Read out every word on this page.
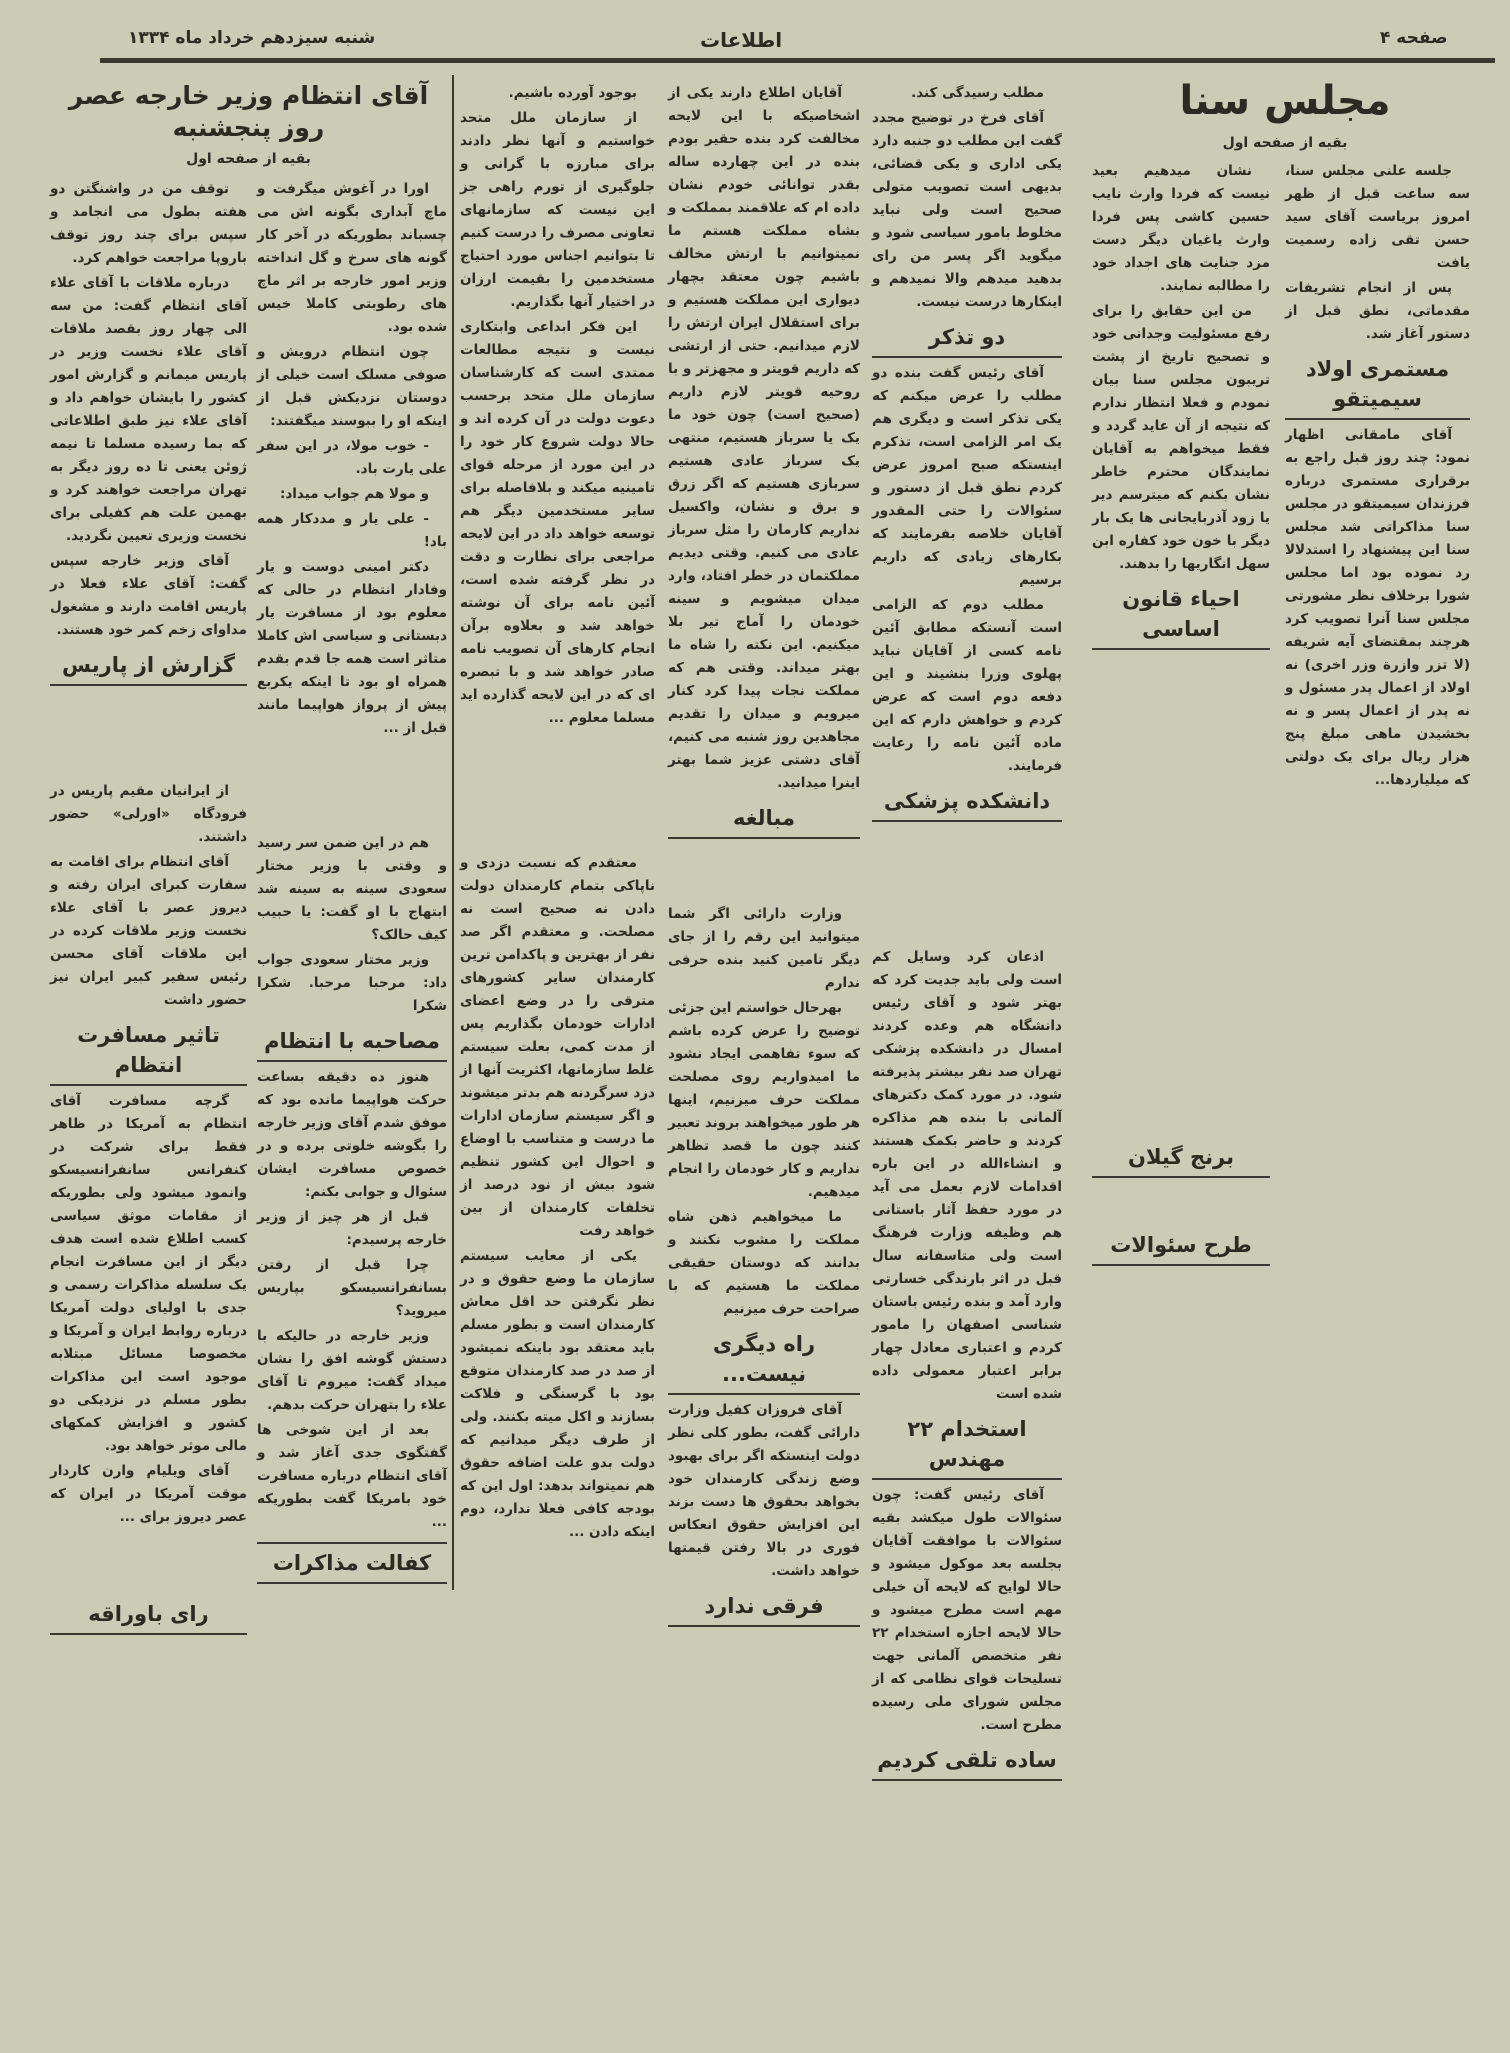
شنبه سیزدهم خرداد ماه ۱۳۳۴	اطلاعات	صفحه ۴
مجلس سنا
بقیه از صفحه اول

جلسه علنی مجلس سنا، سه ساعت قبل از ظهر امروز بریاست آقای سید حسن تقی زاده رسمیت یافت

پس از انجام تشریفات مقدماتی، نطق قبل از دستور آغاز شد.

مستمری اولاد سیمیتقو

آقای مامقانی اظهار نمود: چند روز قبل راجع به برقراری مستمری درباره فرزندان سیمیتقو در مجلس سنا مذاکراتی شد مجلس سنا این پیشنهاد را استدلالا رد نموده بود اما مجلس شورا برخلاف نظر مشورتی مجلس سنا آنرا تصویب کرد هرچند بمقتضای آیه شریفه (لا تزر وازرة وزر اخری) نه اولاد از اعمال پدر مسئول و نه پدر از اعمال پسر و نه بخشیدن ماهی مبلغ پنج هزار ریال برای یک دولتی که میلیاردها...

نشان میدهیم بعید نیست که فردا وارث نایب حسین کاشی پس فردا وارث یاغیان دیگر دست مزد جنایت های اجداد خود را مطالبه نمایند.

من این حقایق را برای رفع مسئولیت وجدانی خود و تصحیح تاریخ از پشت تریبون مجلس سنا بیان نمودم و فعلا انتظار ندارم که نتیجه از آن عاید گردد و فقط میخواهم به آقایان نمایندگان محترم خاطر نشان بکنم که میترسم دیر یا زود آذربایجانی ها یک بار دیگر با خون خود کفاره ابن سهل انگاریها را بدهند.

احیاء قانون اساسی
برنج گیلان
طرح سئوالات

مطلب رسیدگی کند.

آقای فرخ در توضیح مجدد گفت این مطلب دو جنبه دارد یکی اداری و یکی قضائی، بدیهی است تصویب متولی صحیح است ولی نباید مخلوط بامور سیاسی شود و میگوید اگر پسر من رای بدهید میدهم والا نمیدهم و اینکارها درست نیست.

دو تذکر

آقای رئیس گفت بنده دو مطلب را عرض میکنم که یکی تذکر است و دیگری هم یک امر الزامی است، تذکرم اینستکه صبح امروز عرض کردم نطق قبل از دستور و سئوالات را حتی المقدور آقایان خلاصه بفرمایند که بکارهای زیادی که داریم برسیم

مطلب دوم که الزامی است آنستکه مطابق آئین نامه کسی از آقایان نباید پهلوی وزرا بنشیند و این دفعه دوم است که عرض کردم و خواهش دارم که این ماده آئین نامه را رعایت فرمایند.

دانشکده پزشکی

اذعان کرد وسایل کم است ولی باید جدیت کرد که بهتر شود و آقای رئیس دانشگاه هم وعده کردند امسال در دانشکده پزشکی تهران صد نفر بیشتر پذیرفته شود. در مورد کمک دکترهای آلمانی با بنده هم مذاکره کردند و حاضر بکمک هستند و انشاءالله در این باره اقدامات لازم بعمل می آید در مورد حفظ آثار باستانی هم وظیفه وزارت فرهنگ است ولی متاسفانه سال قبل در اثر بارندگی خسارتی وارد آمد و بنده رئیس باستان شناسی اصفهان را مامور کردم و اعتباری معادل چهار برابر اعتبار معمولی داده شده است

استخدام ۲۲ مهندس

آقای رئیس گفت: چون سئوالات طول میکشد بقیه سئوالات با موافقت آقایان بجلسه بعد موکول میشود و حالا لوایح که لایحه آن خیلی مهم است مطرح میشود و حالا لایحه اجازه استخدام ۲۲ نفر متخصص آلمانی جهت تسلیحات قوای نظامی که از مجلس شورای ملی رسیده مطرح است.

ساده تلقی کردیم

آقایان اطلاع دارند یکی از اشخاصیکه با این لایحه مخالفت کرد بنده حقیر بودم بنده در این چهارده ساله بقدر توانائی خودم نشان داده ام که علاقمند بمملکت و بشاه مملکت هستم ما نمیتوانیم با ارتش مخالف باشیم چون معتقد بچهار دیواری این مملکت هستیم و برای استقلال ایران ارتش را لازم میدانیم. حتی از ارتشی که داریم قویتر و مجهزتر و با روحیه قویتر لازم داریم (صحیح است) چون خود ما یک یا سرباز هستیم، منتهی یک سرباز عادی هستیم سربازی هستیم که اگر زرق و برق و نشان، واکسیل نداریم کارمان را مثل سرباز عادی می کنیم. وقتی دیدیم مملکتمان در خطر افتاد، وارد میدان میشویم و سینه خودمان را آماج تیر بلا میکنیم. این نکته را شاه ما بهتر میداند. وقتی هم که مملکت نجات پیدا کرد کنار میرویم و میدان را تقدیم مجاهدین روز شنبه می کنیم، آقای دشتی عزیز شما بهتر اینرا میدانید.

مبالغه

وزارت دارائی اگر شما میتوانید این رقم را از جای دیگر تامین کنید بنده حرفی ندارم

بهرحال خواستم این جزئی توضیح را عرض کرده باشم که سوء تفاهمی ایجاد نشود ما امیدواریم روی مصلحت مملکت حرف میزنیم، اینها هر طور میخواهند بروند تعبیر کنند چون ما قصد تظاهر نداریم و کار خودمان را انجام میدهیم.

ما میخواهیم ذهن شاه مملکت را مشوب نکنند و بدانند که دوستان حقیقی مملکت ما هستیم که با صراحت حرف میزنیم

راه دیگری نیست...

آقای فروزان کفیل وزارت دارائی گفت، بطور کلی نظر دولت اینستکه اگر برای بهبود وضع زندگی کارمندان خود بخواهد بحقوق ها دست بزند این افزایش حقوق انعکاس فوری در بالا رفتن قیمتها خواهد داشت.

فرقی ندارد

بوجود آورده باشیم.

از سازمان ملل متحد خواستیم و آنها نظر دادند برای مبارزه با گرانی و جلوگیری از تورم راهی جز این نیست که سازمانهای تعاونی مصرف را درست کنیم تا بتوانیم اجناس مورد احتیاج مستخدمین را بقیمت ارزان در اختیار آنها بگذاریم.

این فکر ابداعی وابتکاری نیست و نتیجه مطالعات ممتدی است که کارشناسان سازمان ملل متحد برحسب دعوت دولت در آن کرده اند و حالا دولت شروع کار خود را در این مورد از مرحله قوای تامینیه میکند و بلافاصله برای سایر مستخدمین دیگر هم توسعه خواهد داد در این لایحه مراجعی برای نظارت و دقت در نظر گرفته شده است، آئین نامه برای آن نوشته خواهد شد و بعلاوه برآن انجام کارهای آن تصویب نامه صادر خواهد شد و با تبصره ای که در این لایحه گذارده اید مسلما معلوم ...

معتقدم که نسبت دزدی و ناپاکی بتمام کارمندان دولت دادن نه صحیح است نه مصلحت. و معتقدم اگر صد نفر از بهترین و پاکدامن ترین کارمندان سایر کشورهای مترقی را در وضع اعضای ادارات خودمان بگذاریم پس از مدت کمی، بعلت سیستم غلط سازمانها، اکثریت آنها از دزد سرگردنه هم بدتر میشوند و اگر سیستم سازمان ادارات ما درست و متناسب با اوضاع و احوال این کشور تنظیم شود بیش از نود درصد از تخلفات کارمندان از بین خواهد رفت

یکی از معایب سیستم سازمان ما وضع حقوق و در نظر نگرفتن حد اقل معاش کارمندان است و بطور مسلم باید معتقد بود باینکه نمیشود از صد در صد کارمندان متوقع بود با گرسنگی و فلاکت بسازند و اکل میته بکنند. ولی از طرف دیگر میدانیم که دولت بدو علت اضافه حقوق هم نمیتواند بدهد: اول این که بودجه کافی فعلا ندارد، دوم اینکه دادن ...

آقای انتظام وزیر خارجه عصر روز پنجشنبه
بقیه از صفحه اول

اورا در آغوش میگرفت و ماچ آبداری بگونه اش می چسباند بطوریکه در آخر کار گونه های سرخ و گل انداخته وزیر امور خارجه بر اثر ماچ های رطوبتی کاملا خیس شده بود.

چون انتظام درویش و صوفی مسلک است خیلی از دوستان نزدیکش قبل از اینکه او را ببوسند میگفتند:

- خوب مولا، در این سفر علی یارت باد.

و مولا هم جواب میداد:

- علی یار و مددکار همه باد!

دکتر امینی دوست و یار وفادار انتظام در حالی که معلوم بود از مسافرت یار دبستانی و سیاسی اش کاملا متاثر است همه جا قدم بقدم همراه او بود تا اینکه یکربع پیش از پرواز هواپیما مانند قبل از ...

هم در این ضمن سر رسید و وقتی با وزیر مختار سعودی سینه به سینه شد ابتهاج با او گفت: یا حبیب کیف حالک؟

وزیر مختار سعودی جواب داد: مرحبا مرحبا. شکرا شکرا

مصاحبه با انتظام

هنوز ده دقیقه بساعت حرکت هواپیما مانده بود که موفق شدم آقای وزیر خارجه را بگوشه خلوتی برده و در خصوص مسافرت ایشان سئوال و جوابی بکنم:

قبل از هر چیز از وزیر خارجه پرسیدم:

چرا قبل از رفتن بسانفرانسیسکو بپاریس میروید؟

وزیر خارجه در حالیکه با دستش گوشه افق را نشان میداد گفت: میروم تا آقای علاء را بتهران حرکت بدهم.

بعد از این شوخی ها گفتگوی جدی آغاز شد و آقای انتظام درباره مسافرت خود بامریکا گفت بطوریکه ...

کفالت مذاکرات

توقف من در واشنگتن دو هفته بطول می انجامد و سپس برای چند روز توقف باروپا مراجعت خواهم کرد.

درباره ملاقات با آقای علاء آقای انتظام گفت: من سه الی چهار روز بقصد ملاقات آقای علاء نخست وزیر در پاریس میمانم و گزارش امور کشور را بایشان خواهم داد و آقای علاء نیز طبق اطلاعاتی که بما رسیده مسلما تا نیمه ژوئن یعنی تا ده روز دیگر به تهران مراجعت خواهند کرد و بهمین علت هم کفیلی برای نخست وزیری تعیین نگردید.

آقای وزیر خارجه سپس گفت: آقای علاء فعلا در پاریس اقامت دارند و مشغول مداوای زخم کمر خود هستند.

گزارش از پاریس

از ایرانیان مقیم پاریس در فرودگاه «اورلی» حضور داشتند.

آقای انتظام برای اقامت به سفارت کبرای ایران رفته و دیروز عصر با آقای علاء نخست وزیر ملاقات کرده در این ملاقات آقای محسن رئیس سفیر کبیر ایران نیز حضور داشت

تاثیر مسافرت انتظام

گرچه مسافرت آقای انتظام به آمریکا در ظاهر فقط برای شرکت در کنفرانس سانفرانسیسکو وانمود میشود ولی بطوریکه از مقامات موثق سیاسی کسب اطلاع شده است هدف دیگر از این مسافرت انجام یک سلسله مذاکرات رسمی و جدی با اولیای دولت آمریکا درباره روابط ایران و آمریکا و مخصوصا مسائل مبتلابه موجود است این مذاکرات بطور مسلم در نزدیکی دو کشور و افزایش کمکهای مالی موثر خواهد بود.

آقای ویلیام وارن کاردار موقت آمریکا در ایران که عصر دیروز برای ...

رای باوراقه
